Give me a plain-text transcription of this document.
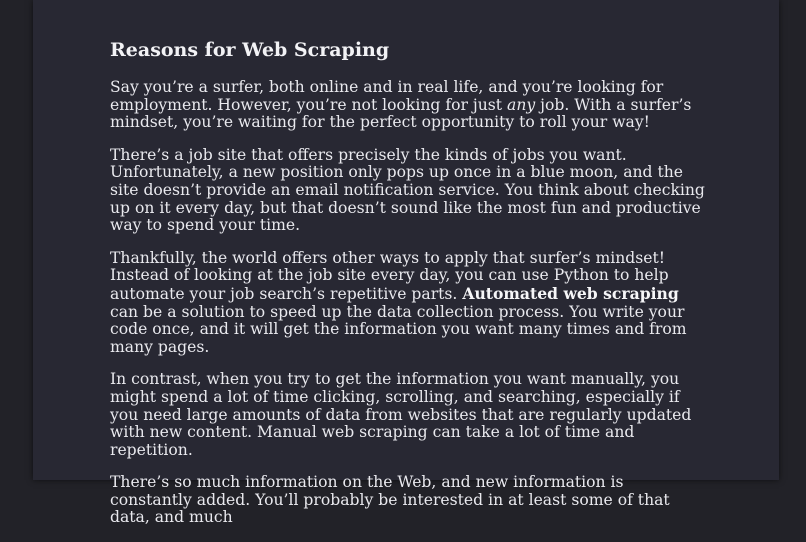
Reasons for Web Scraping

Say you’re a surfer, both online and in real life, and you’re looking for employment. However, you’re not looking for just any job. With a surfer’s mindset, you’re waiting for the perfect opportunity to roll your way!

There’s a job site that offers precisely the kinds of jobs you want. Unfortunately, a new position only pops up once in a blue moon, and the site doesn’t provide an email notification service. You think about checking up on it every day, but that doesn’t sound like the most fun and productive way to spend your time.

Thankfully, the world offers other ways to apply that surfer’s mindset! Instead of looking at the job site every day, you can use Python to help automate your job search’s repetitive parts. Automated web scraping can be a solution to speed up the data collection process. You write your code once, and it will get the information you want many times and from many pages.

In contrast, when you try to get the information you want manually, you might spend a lot of time clicking, scrolling, and searching, especially if you need large amounts of data from websites that are regularly updated with new content. Manual web scraping can take a lot of time and repetition.

There’s so much information on the Web, and new information is constantly added. You’ll probably be interested in at least some of that data, and much
